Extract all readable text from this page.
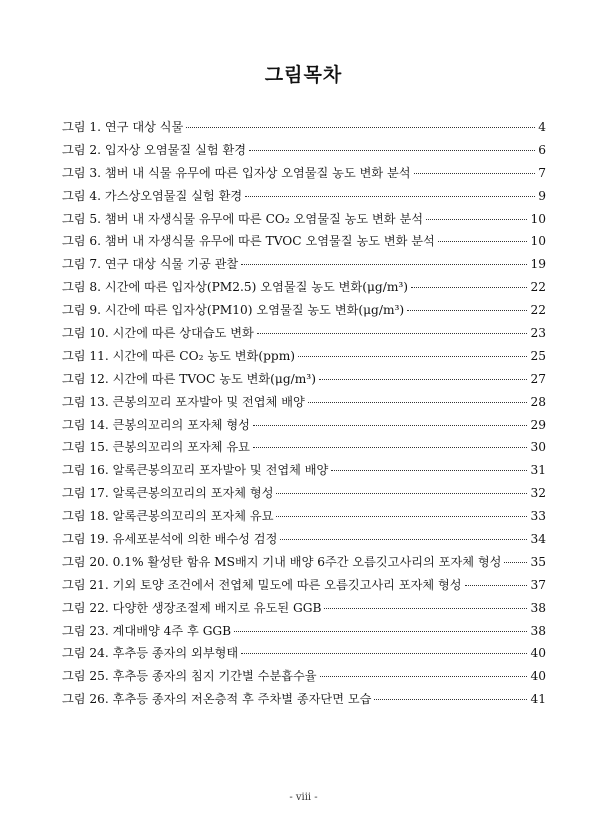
그림목차
그림 1. 연구 대상 식물	4
그림 2. 입자상 오염물질 실험 환경	6
그림 3. 챔버 내 식물 유무에 따른 입자상 오염물질 농도 변화 분석	7
그림 4. 가스상오염물질 실험 환경	9
그림 5. 챔버 내 자생식물 유무에 따른 CO₂ 오염물질 농도 변화 분석	10
그림 6. 챔버 내 자생식물 유무에 따른 TVOC 오염물질 농도 변화 분석	10
그림 7. 연구 대상 식물 기공 관찰	19
그림 8. 시간에 따른 입자상(PM2.5) 오염물질 농도 변화(μg/m³)	22
그림 9. 시간에 따른 입자상(PM10) 오염물질 농도 변화(μg/m³)	22
그림 10. 시간에 따른 상대습도 변화	23
그림 11. 시간에 따른 CO₂ 농도 변화(ppm)	25
그림 12. 시간에 따른 TVOC 농도 변화(μg/m³)	27
그림 13. 큰봉의꼬리 포자발아 및 전엽체 배양	28
그림 14. 큰봉의꼬리의 포자체 형성	29
그림 15. 큰봉의꼬리의 포자체 유묘	30
그림 16. 알록큰봉의꼬리 포자발아 및 전엽체 배양	31
그림 17. 알록큰봉의꼬리의 포자체 형성	32
그림 18. 알록큰봉의꼬리의 포자체 유묘	33
그림 19. 유세포분석에 의한 배수성 검정	34
그림 20. 0.1% 활성탄 함유 MS배지 기내 배양 6주간 오름깃고사리의 포자체 형성 35
그림 21. 기외 토양 조건에서 전엽체 밀도에 따른 오름깃고사리 포자체 형성	37
그림 22. 다양한 생장조절제 배지로 유도된 GGB	38
그림 23. 계대배양 4주 후 GGB	38
그림 24. 후추등 종자의 외부형태	40
그림 25. 후추등 종자의 침지 기간별 수분흡수율	40
그림 26. 후추등 종자의 저온층적 후 주차별 종자단면 모습	41
- viii -
